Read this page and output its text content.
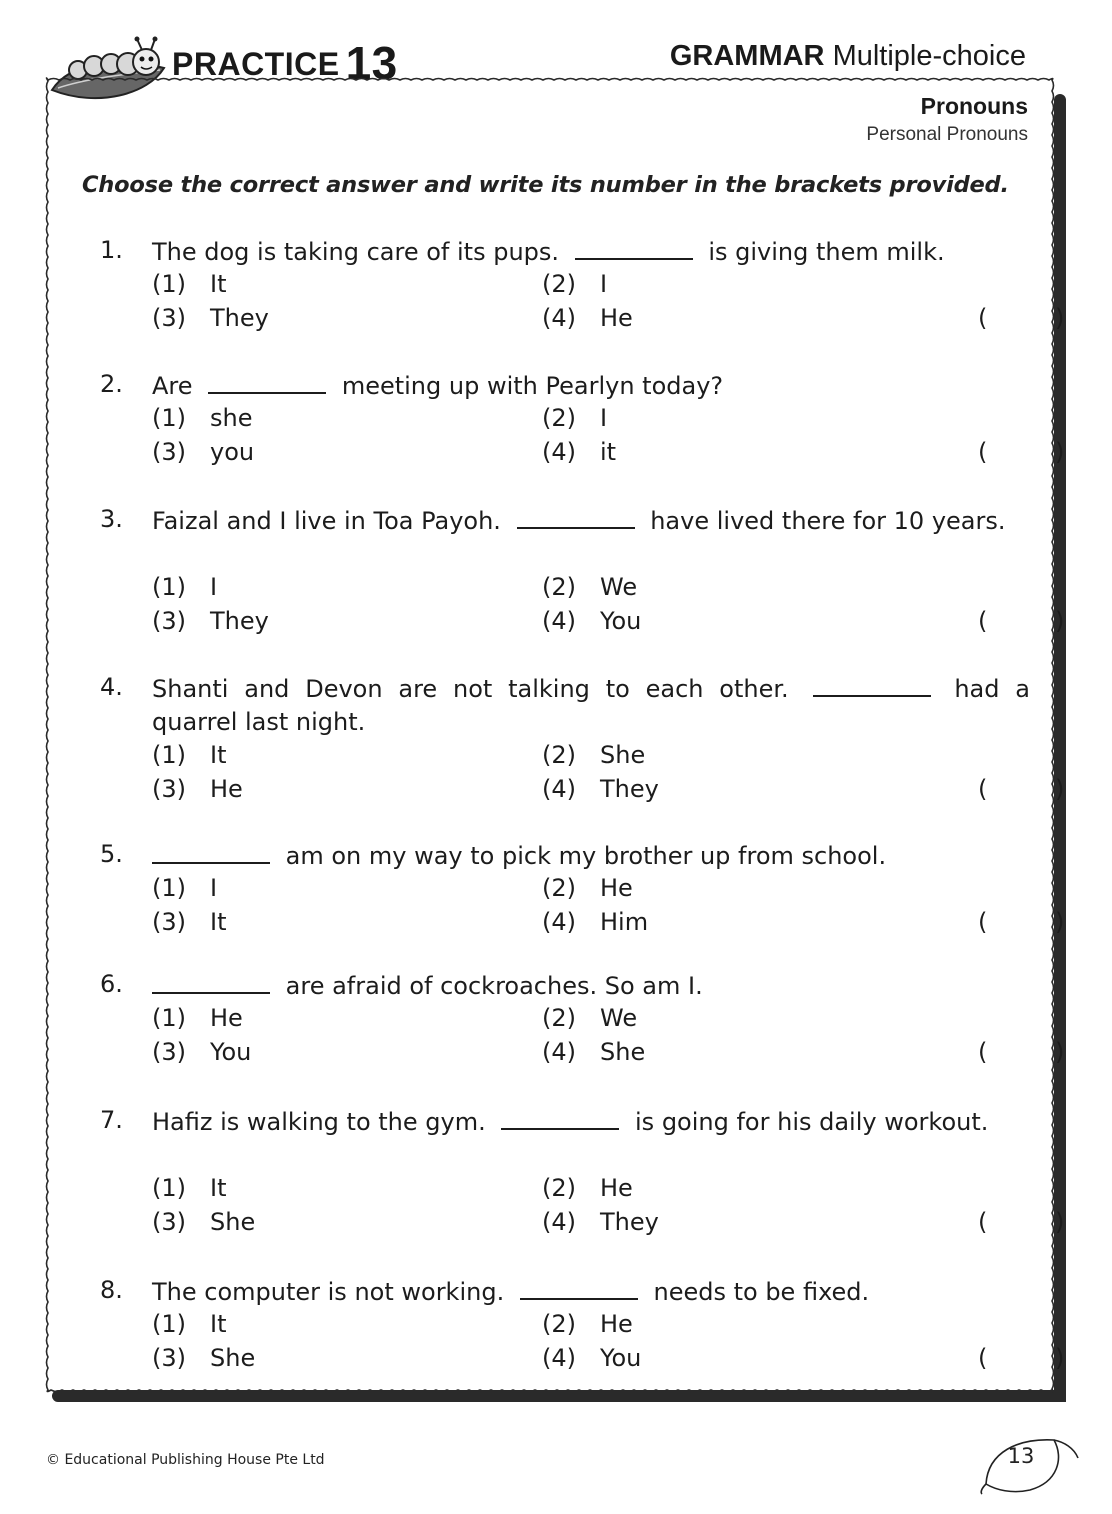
PRACTICE 13	GRAMMAR Multiple-choice
Pronouns
Personal Pronouns
Choose the correct answer and write its number in the brackets provided.
1. The dog is taking care of its pups.	is giving them milk.
(1) It	(2) I
(3) They	(4) He	( )
2. Are	meeting up with Pearlyn today?
(1) she	(2) I
(3) you	(4) it	( )
3. Faizal and I live in Toa Payoh.	have lived there for 10 years.
(1) I	(2) We
(3) They	(4) You	( )
4. Shanti and Devon are not talking to each other.	had a quarrel last night.
(1) It	(2) She
(3) He	(4) They	( )
5.	am on my way to pick my brother up from school.
(1) I	(2) He
(3) It	(4) Him	( )
6.	are afraid of cockroaches. So am I.
(1) He	(2) We
(3) You	(4) She	( )
7. Hafiz is walking to the gym.	is going for his daily workout.
(1) It	(2) He
(3) She	(4) They	( )
8. The computer is not working.	needs to be fixed.
(1) It	(2) He
(3) She	(4) You	( )
© Educational Publishing House Pte Ltd	13
